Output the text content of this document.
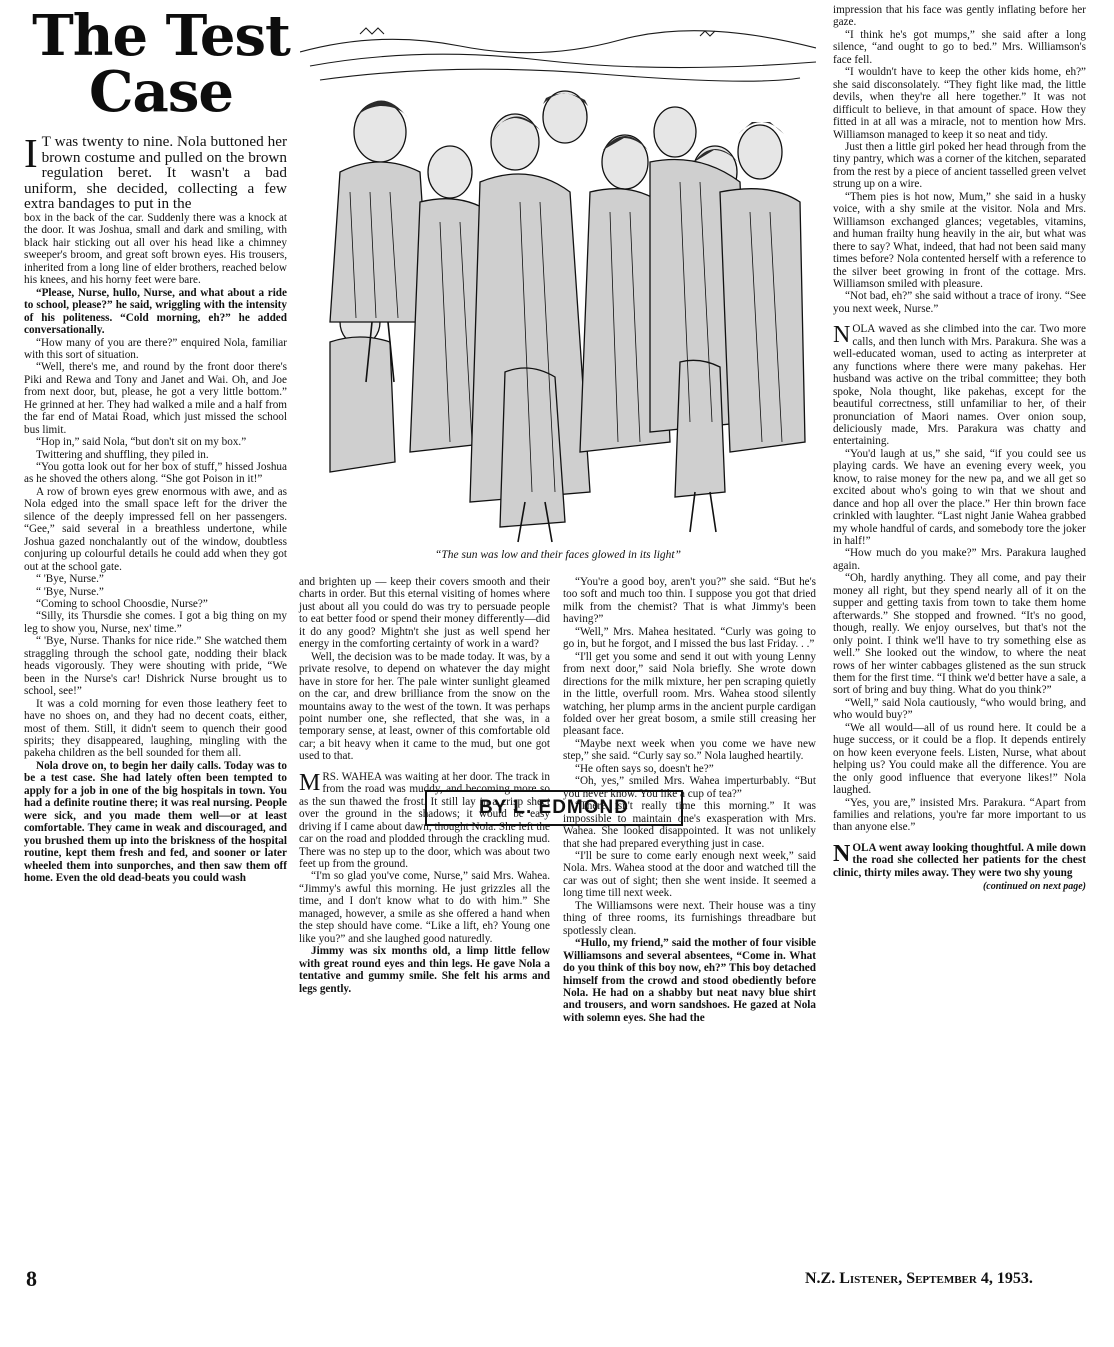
The Test
Case

I T was twenty to nine. Nola buttoned her brown costume and pulled on the brown regulation beret. It wasn't a bad uniform, she decided, collecting a few extra bandages to put in the

box in the back of the car. Suddenly there was a knock at the door. It was Joshua, small and dark and smiling, with black hair sticking out all over his head like a chimney sweeper's broom, and great soft brown eyes. His trousers, inherited from a long line of elder brothers, reached below his knees, and his horny feet were bare.

“Please, Nurse, hullo, Nurse, and what about a ride to school, please?” he said, wriggling with the intensity of his politeness. “Cold morning, eh?” he added conversationally.

“How many of you are there?” enquired Nola, familiar with this sort of situation.

“Well, there's me, and round by the front door there's Piki and Rewa and Tony and Janet and Wai. Oh, and Joe from next door, but, please, he got a very little bottom.” He grinned at her. They had walked a mile and a half from the far end of Matai Road, which just missed the school bus limit.

“Hop in,” said Nola, “but don't sit on my box.”

Twittering and shuffling, they piled in.

“You gotta look out for her box of stuff,” hissed Joshua as he shoved the others along. “She got Poison in it!”

A row of brown eyes grew enormous with awe, and as Nola edged into the small space left for the driver the silence of the deeply impressed fell on her passengers. “Gee,” said several in a breathless undertone, while Joshua gazed nonchalantly out of the window, doubtless conjuring up colourful details he could add when they got out at the school gate.

“ 'Bye, Nurse.”

“ 'Bye, Nurse.”

“Coming to school Choosdie, Nurse?”

“Silly, its Thursdie she comes. I got a big thing on my leg to show you, Nurse, nex' time.”

“ 'Bye, Nurse. Thanks for nice ride.” She watched them straggling through the school gate, nodding their black heads vigorously. They were shouting with pride, “We been in the Nurse's car! Dishrick Nurse brought us to school, see!”

It was a cold morning for even those leathery feet to have no shoes on, and they had no decent coats, either, most of them. Still, it didn't seem to quench their good spirits; they disappeared, laughing, mingling with the pakeha children as the bell sounded for them all.

Nola drove on, to begin her daily calls. Today was to be a test case. She had lately often been tempted to apply for a job in one of the big hospitals in town. You had a definite routine there; it was real nursing. People were sick, and you made them well—or at least comfortable. They came in weak and discouraged, and you brushed them up into the briskness of the hospital routine, kept them fresh and fed, and sooner or later wheeled them into sunporches, and then saw them off home. Even the old dead-beats you could wash

“The sun was low and their faces glowed in its light”
BY L. EDMOND

and brighten up — keep their covers smooth and their charts in order. But this eternal visiting of homes where just about all you could do was try to persuade people to eat better food or spend their money differently—did it do any good? Mightn't she just as well spend her energy in the comforting certainty of work in a ward?

Well, the decision was to be made today. It was, by a private resolve, to depend on whatever the day might have in store for her. The pale winter sunlight gleamed on the car, and drew brilliance from the snow on the mountains away to the west of the town. It was perhaps point number one, she reflected, that she was, in a temporary sense, at least, owner of this comfortable old car; a bit heavy when it came to the mud, but one got used to that.

MRS. WAHEA was waiting at her door. The track in from the road was muddy, and becoming more so as the sun thawed the frost. It still lay in a crisp sheet over the ground in the shadows; it would be easy driving if I came about dawn, thought Nola. She left the car on the road and plodded through the crackling mud. There was no step up to the door, which was about two feet up from the ground.

“I'm so glad you've come, Nurse,” said Mrs. Wahea. “Jimmy's awful this morning. He just grizzles all the time, and I don't know what to do with him.” She managed, however, a smile as she offered a hand when the step should have come. “Like a lift, eh? Young one like you?” and she laughed good naturedly.

Jimmy was six months old, a limp little fellow with great round eyes and thin legs. He gave Nola a tentative and gummy smile. She felt his arms and legs gently.

“You're a good boy, aren't you?” she said. “But he's too soft and much too thin. I suppose you got that dried milk from the chemist? That is what Jimmy's been having?”

“Well,” Mrs. Mahea hesitated. “Curly was going to go in, but he forgot, and I missed the bus last Friday. . .”

“I'll get you some and send it out with young Lenny from next door,” said Nola briefly. She wrote down directions for the milk mixture, her pen scraping quietly in the little, overfull room. Mrs. Wahea stood silently watching, her plump arms in the ancient purple cardigan folded over her great bosom, a smile still creasing her pleasant face.

“Maybe next week when you come we have new step,” she said. “Curly say so.” Nola laughed heartily.

“He often says so, doesn't he?”

“Oh, yes,” smiled Mrs. Wahea imperturbably. “But you never know. You like a cup of tea?”

“There isn't really time this morning.” It was impossible to maintain one's exasperation with Mrs. Wahea. She looked disappointed. It was not unlikely that she had prepared everything just in case.

“I'll be sure to come early enough next week,” said Nola. Mrs. Wahea stood at the door and watched till the car was out of sight; then she went inside. It seemed a long time till next week.

The Williamsons were next. Their house was a tiny thing of three rooms, its furnishings threadbare but spotlessly clean.

“Hullo, my friend,” said the mother of four visible Williamsons and several absentees, “Come in. What do you think of this boy now, eh?” This boy detached himself from the crowd and stood obediently before Nola. He had on a shabby but neat navy blue shirt and trousers, and worn sandshoes. He gazed at Nola with solemn eyes. She had the

impression that his face was gently inflating before her gaze.

“I think he's got mumps,” she said after a long silence, “and ought to go to bed.” Mrs. Williamson's face fell.

“I wouldn't have to keep the other kids home, eh?” she said disconsolately. “They fight like mad, the little devils, when they're all here together.” It was not difficult to believe, in that amount of space. How they fitted in at all was a miracle, not to mention how Mrs. Williamson managed to keep it so neat and tidy.

Just then a little girl poked her head through from the tiny pantry, which was a corner of the kitchen, separated from the rest by a piece of ancient tasselled green velvet strung up on a wire.

“Them pies is hot now, Mum,” she said in a husky voice, with a shy smile at the visitor. Nola and Mrs. Williamson exchanged glances; vegetables, vitamins, and human frailty hung heavily in the air, but what was there to say? What, indeed, that had not been said many times before? Nola contented herself with a reference to the silver beet growing in front of the cottage. Mrs. Williamson smiled with pleasure.

“Not bad, eh?” she said without a trace of irony. “See you next week, Nurse.”

NOLA waved as she climbed into the car. Two more calls, and then lunch with Mrs. Parakura. She was a well-educated woman, used to acting as interpreter at any functions where there were many pakehas. Her husband was active on the tribal committee; they both spoke, Nola thought, like pakehas, except for the beautiful correctness, still unfamiliar to her, of their pronunciation of Maori names. Over onion soup, deliciously made, Mrs. Parakura was chatty and entertaining.

“You'd laugh at us,” she said, “if you could see us playing cards. We have an evening every week, you know, to raise money for the new pa, and we all get so excited about who's going to win that we shout and dance and hop all over the place.” Her thin brown face crinkled with laughter. “Last night Janie Wahea grabbed my whole handful of cards, and somebody tore the joker in half!”

“How much do you make?” Mrs. Parakura laughed again.

“Oh, hardly anything. They all come, and pay their money all right, but they spend nearly all of it on the supper and getting taxis from town to take them home afterwards.” She stopped and frowned. “It's no good, though, really. We enjoy ourselves, but that's not the only point. I think we'll have to try something else as well.” She looked out the window, to where the neat rows of her winter cabbages glistened as the sun struck them for the first time. “I think we'd better have a sale, a sort of bring and buy thing. What do you think?”

“Well,” said Nola cautiously, “who would bring, and who would buy?”

“We all would—all of us round here. It could be a huge success, or it could be a flop. It depends entirely on how keen everyone feels. Listen, Nurse, what about helping us? You could make all the difference. You are the only good influence that everyone likes!” Nola laughed.

“Yes, you are,” insisted Mrs. Parakura. “Apart from families and relations, you're far more important to us than anyone else.”

NOLA went away looking thoughtful. A mile down the road she collected her patients for the chest clinic, thirty miles away. They were two shy young

(continued on next page)
8	N.Z. Listener, September 4, 1953.
